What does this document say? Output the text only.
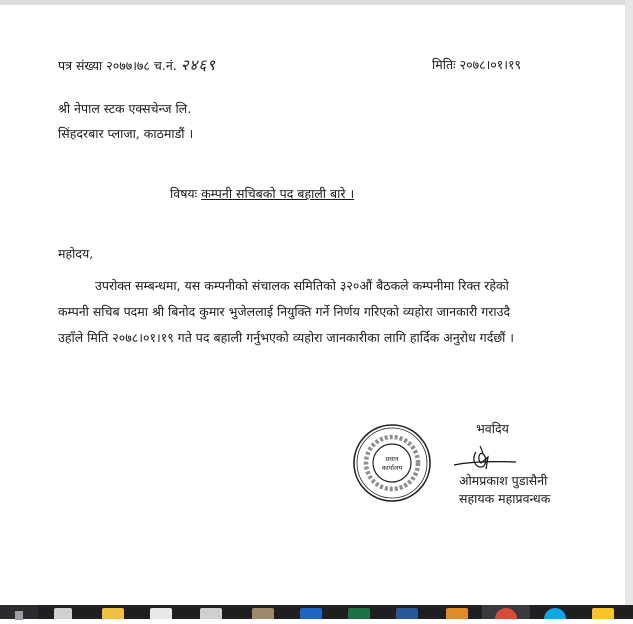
पत्र संख्या २०७७।७८ च.नं. २४६९	मितिः २०७८।०१।१९
श्री नेपाल स्टक एक्सचेन्ज लि.
सिंहदरबार प्लाजा, काठमाडौं ।
विषयः कम्पनी सचिबको पद बहाली बारे ।
महोदय,
उपरोक्त सम्बन्धमा, यस कम्पनीको संचालक समितिको ३२०औं बैठकले कम्पनीमा रिक्त रहेको
कम्पनी सचिब पदमा श्री बिनोद कुमार भुजेललाई नियुक्ति गर्ने निर्णय गरिएको व्यहोरा जानकारी गराउदै
उहाँले मिति २०७८।०१।१९ गते पद बहाली गर्नुभएको व्यहोरा जानकारीका लागि हार्दिक अनुरोध गर्दछौं ।
प्रधान
कार्यालय
भवदिय
ओमप्रकाश पुडासैनी
सहायक महाप्रवन्धक
